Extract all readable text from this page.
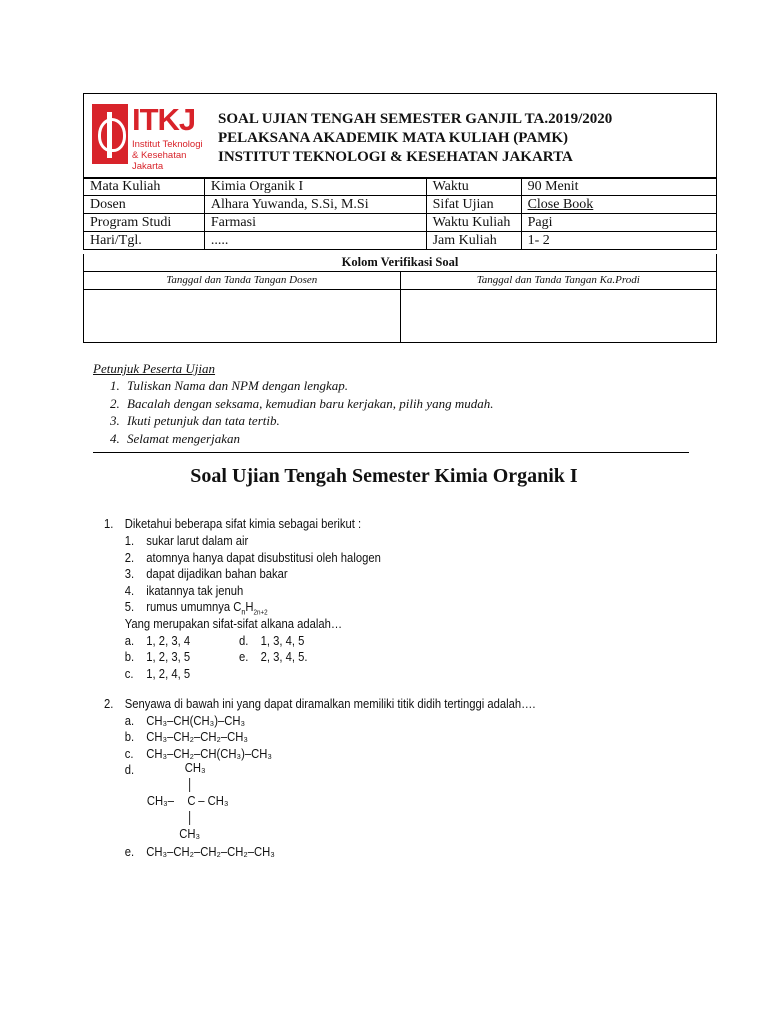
ITKJ
Institut Teknologi & Kesehatan Jakarta
SOAL UJIAN TENGAH SEMESTER GANJIL TA.2019/2020
PELAKSANA AKADEMIK MATA KULIAH (PAMK)
INSTITUT TEKNOLOGI & KESEHATAN JAKARTA
Mata Kuliah	Kimia Organik I	Waktu	90 Menit
Dosen	Alhara Yuwanda, S.Si, M.Si	Sifat Ujian	Close Book
Program Studi	Farmasi	Waktu Kuliah	Pagi
Hari/Tgl.	.....	Jam Kuliah	1- 2
Kolom Verifikasi Soal
Tanggal dan Tanda Tangan Dosen	Tanggal dan Tanda Tangan Ka.Prodi
Petunjuk Peserta Ujian
1. Tuliskan Nama dan NPM dengan lengkap.
2. Bacalah dengan seksama, kemudian baru kerjakan, pilih yang mudah.
3. Ikuti petunjuk dan tata tertib.
4. Selamat mengerjakan
Soal Ujian Tengah Semester Kimia Organik I
1. Diketahui beberapa sifat kimia sebagai berikut :
1. sukar larut dalam air
2. atomnya hanya dapat disubstitusi oleh halogen
3. dapat dijadikan bahan bakar
4. ikatannya tak jenuh
5. rumus umumnya $C_nH_{2n+2}$
Yang merupakan sifat-sifat alkana adalah…
a. 1, 2, 3, 4	d. 1, 3, 4, 5
b. 1, 2, 3, 5	e. 2, 3, 4, 5.
c. 1, 2, 4, 5
2. Senyawa di bawah ini yang dapat diramalkan memiliki titik didih tertinggi adalah….
a. CH₃–CH(CH₃)–CH₃
b. CH₃–CH₂–CH₂–CH₃
c. CH₃–CH₂–CH(CH₃)–CH₃
d.
e. CH₃–CH₂–CH₂–CH₂–CH₃
CH₃
CH₃– C – CH₃
CH₃
